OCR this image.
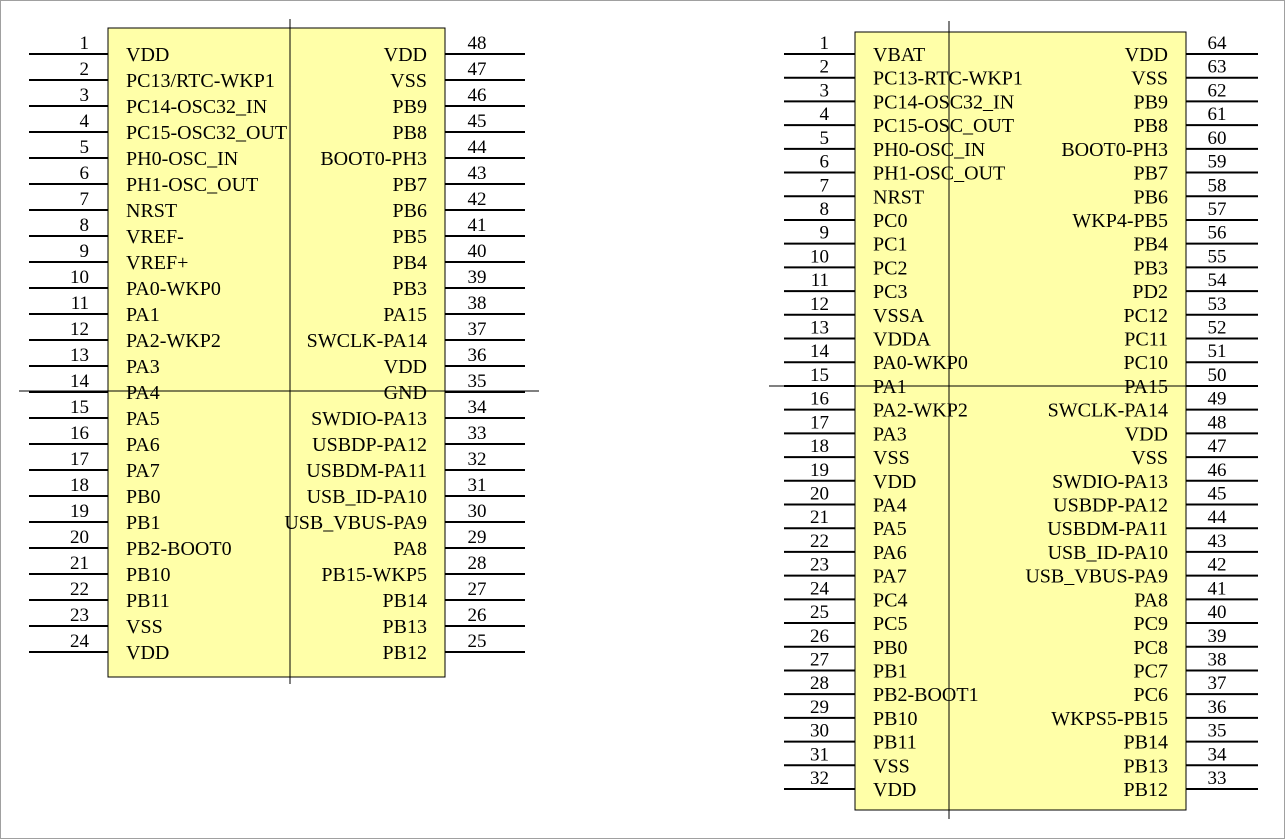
1
VDD
2
PC13/RTC-WKP1
3
PC14-OSC32_IN
4
PC15-OSC32_OUT
5
PH0-OSC_IN
6
PH1-OSC_OUT
7
NRST
8
VREF-
9
VREF+
10
PA0-WKP0
11
PA1
12
PA2-WKP2
13
PA3
14
PA4
15
PA5
16
PA6
17
PA7
18
PB0
19
PB1
20
PB2-BOOT0
21
PB10
22
PB11
23
VSS
24
VDD
48
VDD
47
VSS
46
PB9
45
PB8
44
BOOT0-PH3
43
PB7
42
PB6
41
PB5
40
PB4
39
PB3
38
PA15
37
SWCLK-PA14
36
VDD
35
GND
34
SWDIO-PA13
33
USBDP-PA12
32
USBDM-PA11
31
USB_ID-PA10
30
USB_VBUS-PA9
29
PA8
28
PB15-WKP5
27
PB14
26
PB13
25
PB12
1
VBAT
2
PC13-RTC-WKP1
3
PC14-OSC32_IN
4
PC15-OSC_OUT
5
PH0-OSC_IN
6
PH1-OSC_OUT
7
NRST
8
PC0
9
PC1
10
PC2
11
PC3
12
VSSA
13
VDDA
14
PA0-WKP0
15
PA1
16
PA2-WKP2
17
PA3
18
VSS
19
VDD
20
PA4
21
PA5
22
PA6
23
PA7
24
PC4
25
PC5
26
PB0
27
PB1
28
PB2-BOOT1
29
PB10
30
PB11
31
VSS
32
VDD
64
VDD
63
VSS
62
PB9
61
PB8
60
BOOT0-PH3
59
PB7
58
PB6
57
WKP4-PB5
56
PB4
55
PB3
54
PD2
53
PC12
52
PC11
51
PC10
50
PA15
49
SWCLK-PA14
48
VDD
47
VSS
46
SWDIO-PA13
45
USBDP-PA12
44
USBDM-PA11
43
USB_ID-PA10
42
USB_VBUS-PA9
41
PA8
40
PC9
39
PC8
38
PC7
37
PC6
36
WKPS5-PB15
35
PB14
34
PB13
33
PB12
